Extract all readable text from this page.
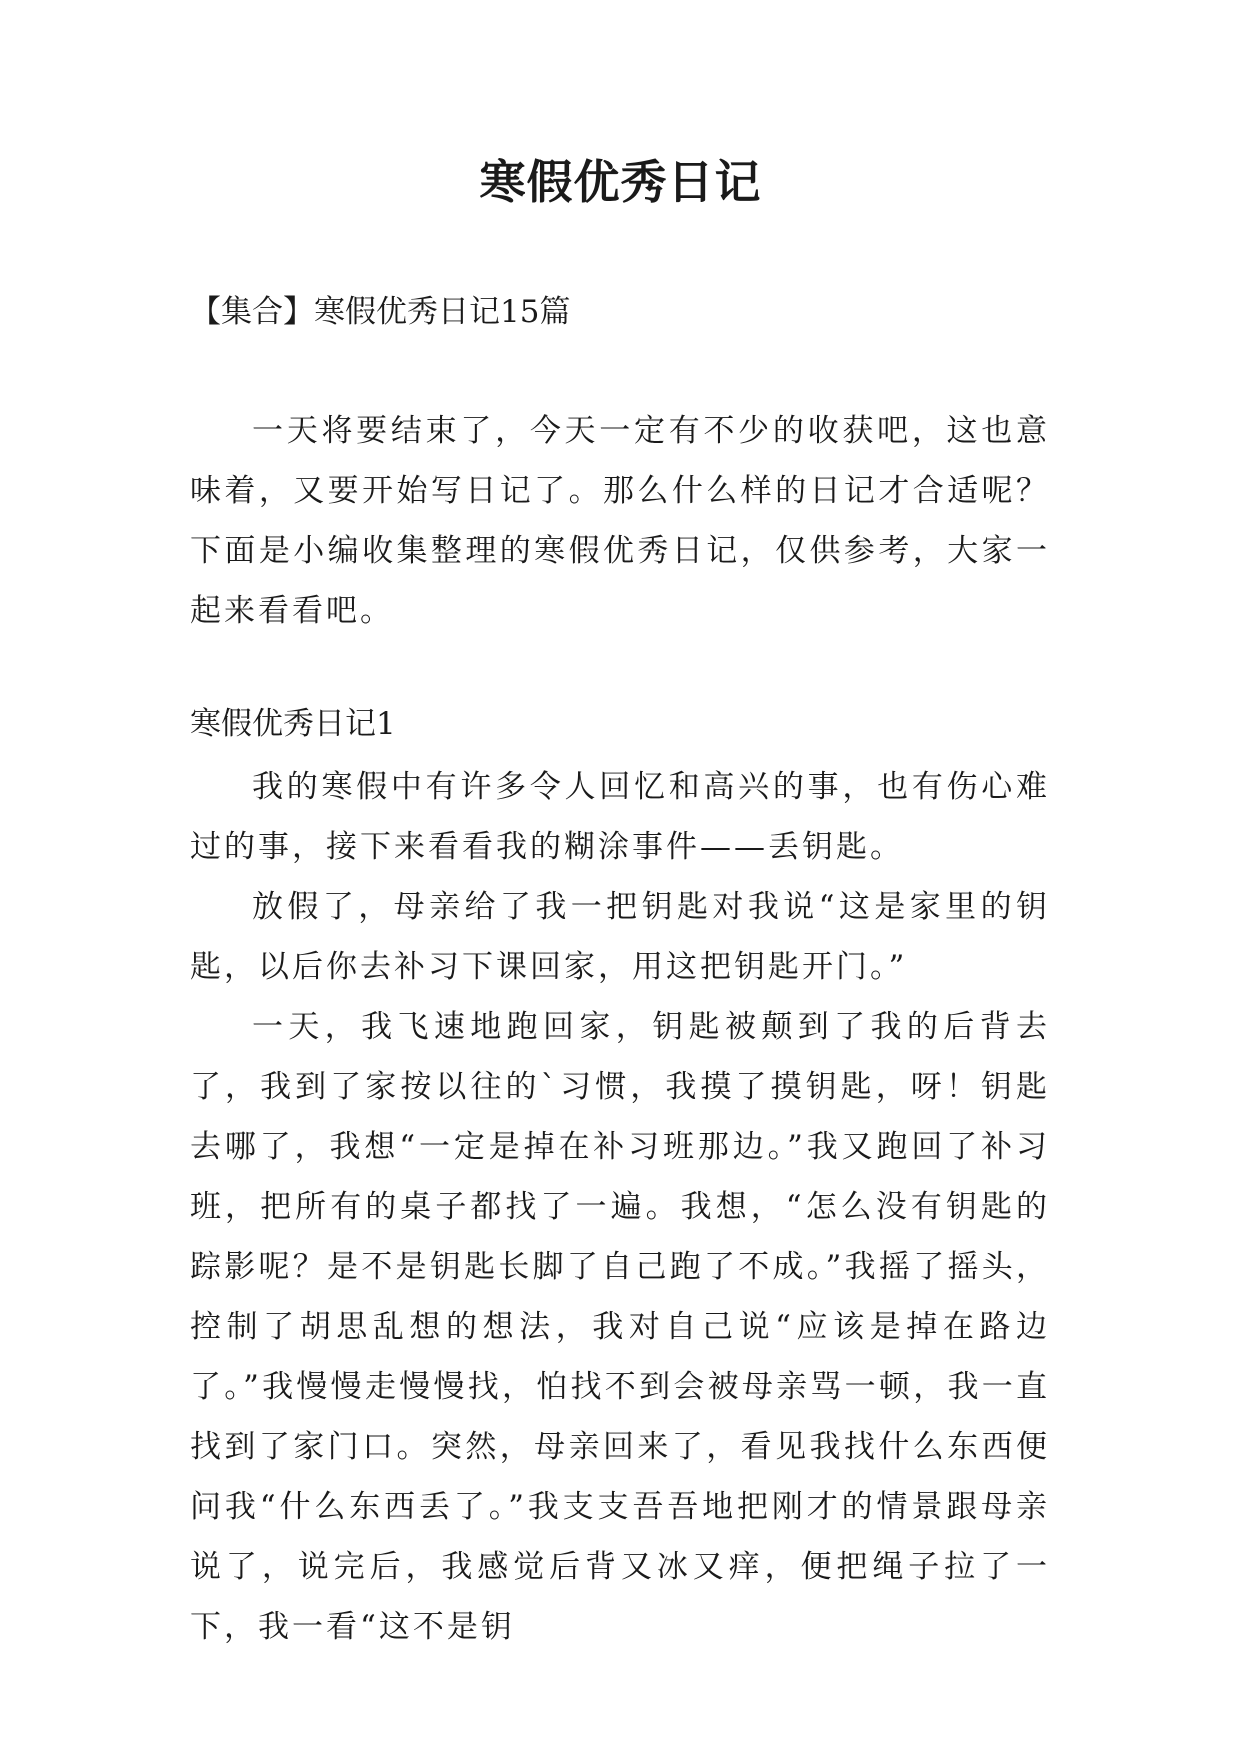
寒假优秀日记
【集合】寒假优秀日记15篇

一天将要结束了，今天一定有不少的收获吧，这也意味着，又要开始写日记了。那么什么样的日记才合适呢？下面是小编收集整理的寒假优秀日记，仅供参考，大家一起来看看吧。

寒假优秀日记1

我的寒假中有许多令人回忆和高兴的事，也有伤心难过的事，接下来看看我的糊涂事件——丢钥匙。

放假了，母亲给了我一把钥匙对我说“这是家里的钥匙，以后你去补习下课回家，用这把钥匙开门。”

一天，我飞速地跑回家，钥匙被颠到了我的后背去了，我到了家按以往的`习惯，我摸了摸钥匙，呀！钥匙去哪了，我想“一定是掉在补习班那边。”我又跑回了补习班，把所有的桌子都找了一遍。我想，“怎么没有钥匙的踪影呢？是不是钥匙长脚了自己跑了不成。”我摇了摇头，控制了胡思乱想的想法，我对自己说“应该是掉在路边了。”我慢慢走慢慢找，怕找不到会被母亲骂一顿，我一直找到了家门口。突然，母亲回来了，看见我找什么东西便问我“什么东西丢了。”我支支吾吾地把刚才的情景跟母亲说了，说完后，我感觉后背又冰又痒，便把绳子拉了一下，我一看“这不是钥
